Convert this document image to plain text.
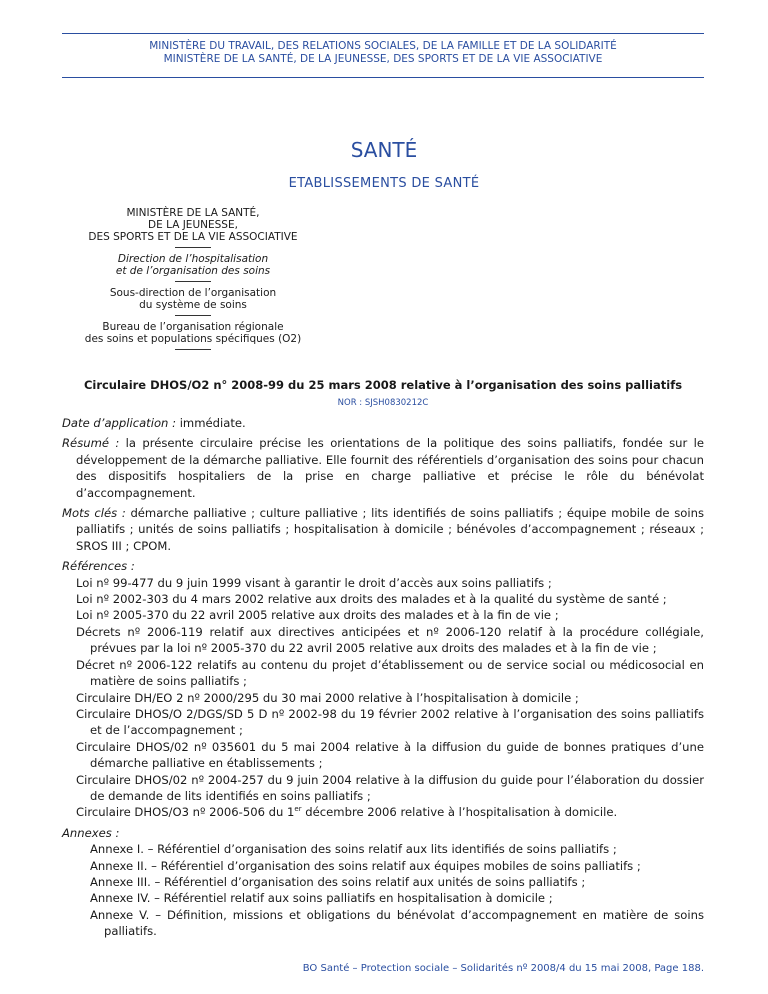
MINISTÈRE DU TRAVAIL, DES RELATIONS SOCIALES, DE LA FAMILLE ET DE LA SOLIDARITÉ
MINISTÈRE DE LA SANTÉ, DE LA JEUNESSE, DES SPORTS ET DE LA VIE ASSOCIATIVE
SANTÉ
ETABLISSEMENTS DE SANTÉ
MINISTÈRE DE LA SANTÉ,
DE LA JEUNESSE,
DES SPORTS ET DE LA VIE ASSOCIATIVE
Direction de l’hospitalisation
et de l’organisation des soins
Sous-direction de l’organisation
du système de soins
Bureau de l’organisation régionale
des soins et populations spécifiques (O2)
Circulaire DHOS/O2 n° 2008-99 du 25 mars 2008 relative à l’organisation des soins palliatifs
NOR : SJSH0830212C

Date d’application : immédiate.

Résumé : la présente circulaire précise les orientations de la politique des soins palliatifs, fondée sur le développement de la démarche palliative. Elle fournit des référentiels d’organisation des soins pour chacun des dispositifs hospitaliers de la prise en charge palliative et précise le rôle du bénévolat d’accompagnement.

Mots clés : démarche palliative ; culture palliative ; lits identifiés de soins palliatifs ; équipe mobile de soins palliatifs ; unités de soins palliatifs ; hospitalisation à domicile ; bénévoles d’accompagnement ; réseaux ; SROS III ; CPOM.

Références :

Loi nº 99-477 du 9 juin 1999 visant à garantir le droit d’accès aux soins palliatifs ;

Loi nº 2002-303 du 4 mars 2002 relative aux droits des malades et à la qualité du système de santé ;

Loi nº 2005-370 du 22 avril 2005 relative aux droits des malades et à la fin de vie ;

Décrets nº 2006-119 relatif aux directives anticipées et nº 2006-120 relatif à la procédure collégiale, prévues par la loi nº 2005-370 du 22 avril 2005 relative aux droits des malades et à la fin de vie ;

Décret nº 2006-122 relatifs au contenu du projet d’établissement ou de service social ou médicosocial en matière de soins palliatifs ;

Circulaire DH/EO 2 nº 2000/295 du 30 mai 2000 relative à l’hospitalisation à domicile ;

Circulaire DHOS/O 2/DGS/SD 5 D nº 2002-98 du 19 février 2002 relative à l’organisation des soins palliatifs et de l’accompagnement ;

Circulaire DHOS/02 nº 035601 du 5 mai 2004 relative à la diffusion du guide de bonnes pratiques d’une démarche palliative en établissements ;

Circulaire DHOS/02 nº 2004-257 du 9 juin 2004 relative à la diffusion du guide pour l’élaboration du dossier de demande de lits identifiés en soins palliatifs ;

Circulaire DHOS/O3 nº 2006-506 du 1er décembre 2006 relative à l’hospitalisation à domicile.

Annexes :

Annexe I. – Référentiel d’organisation des soins relatif aux lits identifiés de soins palliatifs ;

Annexe II. – Référentiel d’organisation des soins relatif aux équipes mobiles de soins palliatifs ;

Annexe III. – Référentiel d’organisation des soins relatif aux unités de soins palliatifs ;

Annexe IV. – Référentiel relatif aux soins palliatifs en hospitalisation à domicile ;

Annexe V. – Définition, missions et obligations du bénévolat d’accompagnement en matière de soins palliatifs.

BO Santé – Protection sociale – Solidarités nº 2008/4 du 15 mai 2008, Page 188.
